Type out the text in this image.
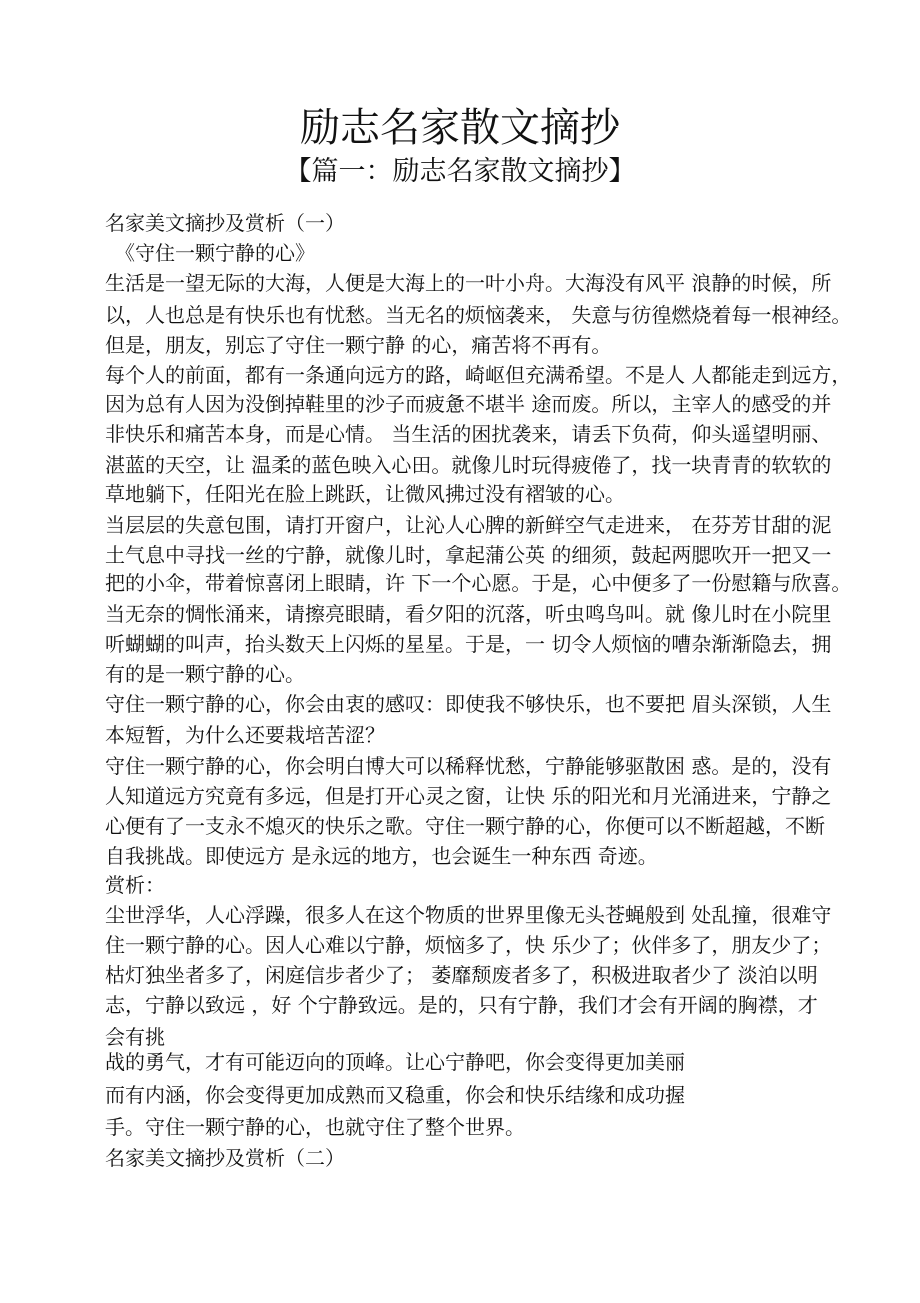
励志名家散文摘抄
【篇一：励志名家散文摘抄】
名家美文摘抄及赏析（一）
　《守住一颗宁静的心》
生活是一望无际的大海，人便是大海上的一叶小舟。大海没有风平 浪静的时候，所
以，人也总是有快乐也有忧愁。当无名的烦恼袭来， 失意与彷徨燃烧着每一根神经。
但是，朋友，别忘了守住一颗宁静 的心，痛苦将不再有。
每个人的前面，都有一条通向远方的路，崎岖但充满希望。不是人 人都能走到远方，
因为总有人因为没倒掉鞋里的沙子而疲惫不堪半 途而废。所以，主宰人的感受的并
非快乐和痛苦本身，而是心情。 当生活的困扰袭来，请丢下负荷，仰头遥望明丽、
湛蓝的天空，让 温柔的蓝色映入心田。就像儿时玩得疲倦了，找一块青青的软软的
草地躺下，任阳光在脸上跳跃，让微风拂过没有褶皱的心。
当层层的失意包围，请打开窗户，让沁人心脾的新鲜空气走进来， 在芬芳甘甜的泥
土气息中寻找一丝的宁静，就像儿时，拿起蒲公英 的细须，鼓起两腮吹开一把又一
把的小伞，带着惊喜闭上眼睛，许 下一个心愿。于是，心中便多了一份慰籍与欣喜。
当无奈的惆怅涌来，请擦亮眼睛，看夕阳的沉落，听虫鸣鸟叫。就 像儿时在小院里
听蝴蝴的叫声，抬头数天上闪烁的星星。于是，一 切令人烦恼的嘈杂渐渐隐去，拥
有的是一颗宁静的心。
守住一颗宁静的心，你会由衷的感叹：即使我不够快乐，也不要把 眉头深锁，人生
本短暂，为什么还要栽培苦涩？
守住一颗宁静的心，你会明白博大可以稀释忧愁，宁静能够驱散困 惑。是的，没有
人知道远方究竟有多远，但是打开心灵之窗，让快 乐的阳光和月光涌进来，宁静之
心便有了一支永不熄灭的快乐之歌。守住一颗宁静的心，你便可以不断超越，不断
自我挑战。即使远方 是永远的地方，也会诞生一种东西 奇迹。
赏析：
尘世浮华，人心浮躁，很多人在这个物质的世界里像无头苍蝇般到 处乱撞，很难守
住一颗宁静的心。因人心难以宁静，烦恼多了，快 乐少了；伙伴多了，朋友少了；
枯灯独坐者多了，闲庭信步者少了； 萎靡颓废者多了，积极进取者少了 淡泊以明
志，宁静以致远 ，好 个宁静致远。是的，只有宁静，我们才会有开阔的胸襟，才
会有挑
战的勇气，才有可能迈向的顶峰。让心宁静吧，你会变得更加美丽
而有内涵，你会变得更加成熟而又稳重，你会和快乐结缘和成功握
手。守住一颗宁静的心，也就守住了整个世界。
名家美文摘抄及赏析（二）
